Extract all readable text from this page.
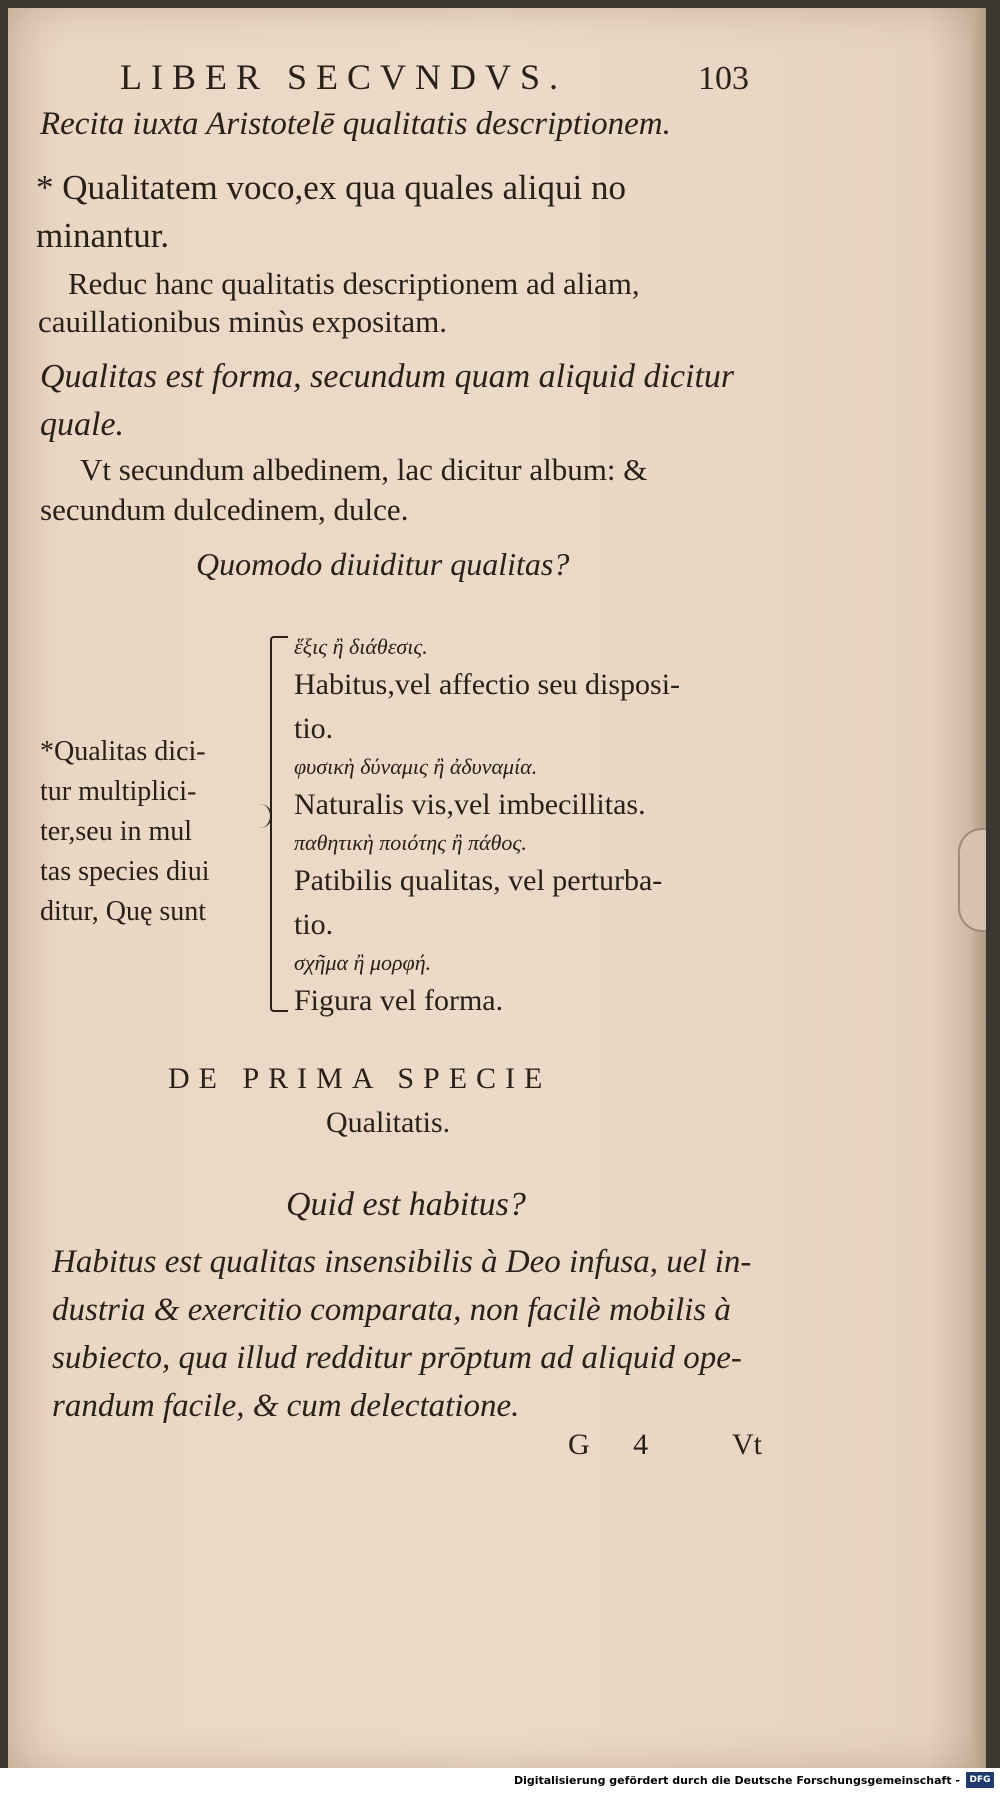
LIBER SECVNDVS.	103
Recita iuxta Aristotelē qualitatis descriptionem.
* Qualitatem voco,ex qua quales aliqui no
minantur.
Reduc hanc qualitatis descriptionem ad aliam,
cauillationibus minùs expositam.
Qualitas est forma, secundum quam aliquid dicitur
quale.
Vt secundum albedinem, lac dicitur album: &
secundum dulcedinem, dulce.
Quomodo diuiditur qualitas?
*Qualitas dici-
tur multiplici-
ter,seu in mul
tas species diui
ditur, Quę sunt
ἕξις ἢ διάθεσις.
Habitus,vel affectio seu disposi-
tio.
φυσικὴ δύναμις ἢ ἀδυναμία.
Naturalis vis,vel imbecillitas.
παθητικὴ ποιότης ἢ πάθος.
Patibilis qualitas, vel perturba-
tio.
σχῆμα ἢ μορφή.
Figura vel forma.
DE PRIMA SPECIE
Qualitatis.
Quid est habitus?
Habitus est qualitas insensibilis à Deo infusa, uel in-
dustria & exercitio comparata, non facilè mobilis à
subiecto, qua illud redditur prōptum ad aliquid ope-
randum facile, & cum delectatione.
G 4 Vt
Digitalisierung gefördert durch die Deutsche Forschungsgemeinschaft -	DFG
